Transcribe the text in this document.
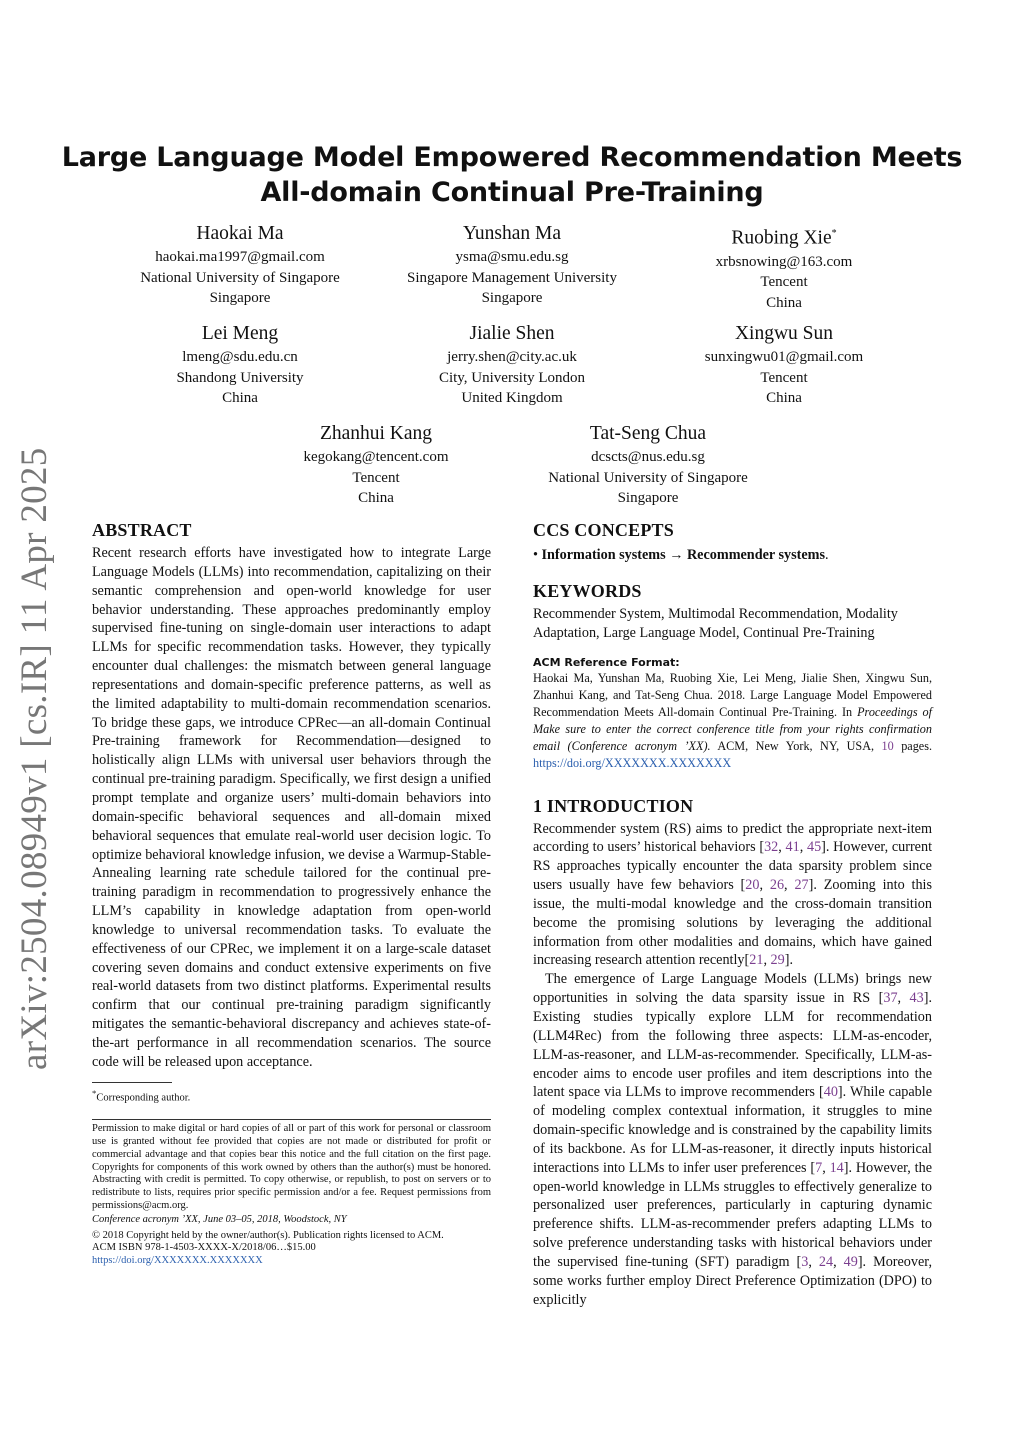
arXiv:2504.08949v1 [cs.IR] 11 Apr 2025
Large Language Model Empowered Recommendation Meets
All-domain Continual Pre-Training
Haokai Ma
haokai.ma1997@gmail.com
National University of Singapore
Singapore
Yunshan Ma
ysma@smu.edu.sg
Singapore Management University
Singapore
Ruobing Xie*
xrbsnowing@163.com
Tencent
China
Lei Meng
lmeng@sdu.edu.cn
Shandong University
China
Jialie Shen
jerry.shen@city.ac.uk
City, University London
United Kingdom
Xingwu Sun
sunxingwu01@gmail.com
Tencent
China
Zhanhui Kang
kegokang@tencent.com
Tencent
China
Tat-Seng Chua
dcscts@nus.edu.sg
National University of Singapore
Singapore
ABSTRACT
Recent research efforts have investigated how to integrate Large Language Models (LLMs) into recommendation, capitalizing on their semantic comprehension and open-world knowledge for user behavior understanding. These approaches predominantly employ supervised fine-tuning on single-domain user interactions to adapt LLMs for specific recommendation tasks. However, they typically encounter dual challenges: the mismatch between general language representations and domain-specific preference patterns, as well as the limited adaptability to multi-domain recommendation scenarios. To bridge these gaps, we introduce CPRec—an all-domain Continual Pre-training framework for Recommendation—designed to holistically align LLMs with universal user behaviors through the continual pre-training paradigm. Specifically, we first design a unified prompt template and organize users’ multi-domain behaviors into domain-specific behavioral sequences and all-domain mixed behavioral sequences that emulate real-world user decision logic. To optimize behavioral knowledge infusion, we devise a Warmup-Stable-Annealing learning rate schedule tailored for the continual pre-training paradigm in recommendation to progressively enhance the LLM’s capability in knowledge adaptation from open-world knowledge to universal recommendation tasks. To evaluate the effectiveness of our CPRec, we implement it on a large-scale dataset covering seven domains and conduct extensive experiments on five real-world datasets from two distinct platforms. Experimental results confirm that our continual pre-training paradigm significantly mitigates the semantic-behavioral discrepancy and achieves state-of-the-art performance in all recommendation scenarios. The source code will be released upon acceptance.
*Corresponding author.
Permission to make digital or hard copies of all or part of this work for personal or classroom use is granted without fee provided that copies are not made or distributed for profit or commercial advantage and that copies bear this notice and the full citation on the first page. Copyrights for components of this work owned by others than the author(s) must be honored. Abstracting with credit is permitted. To copy otherwise, or republish, to post on servers or to redistribute to lists, requires prior specific permission and/or a fee. Request permissions from permissions@acm.org.
Conference acronym ’XX, June 03–05, 2018, Woodstock, NY
© 2018 Copyright held by the owner/author(s). Publication rights licensed to ACM.
ACM ISBN 978-1-4503-XXXX-X/2018/06…$15.00
https://doi.org/XXXXXXX.XXXXXXX
CCS CONCEPTS
• Information systems → Recommender systems.
KEYWORDS
Recommender System, Multimodal Recommendation, Modality Adaptation, Large Language Model, Continual Pre-Training
ACM Reference Format:
Haokai Ma, Yunshan Ma, Ruobing Xie, Lei Meng, Jialie Shen, Xingwu Sun, Zhanhui Kang, and Tat-Seng Chua. 2018. Large Language Model Empowered Recommendation Meets All-domain Continual Pre-Training. In Proceedings of Make sure to enter the correct conference title from your rights confirmation email (Conference acronym ’XX). ACM, New York, NY, USA, 10 pages. https://doi.org/XXXXXXX.XXXXXXX
1 INTRODUCTION

Recommender system (RS) aims to predict the appropriate next-item according to users’ historical behaviors [32, 41, 45]. However, current RS approaches typically encounter the data sparsity problem since users usually have few behaviors [20, 26, 27]. Zooming into this issue, the multi-modal knowledge and the cross-domain transition become the promising solutions by leveraging the additional information from other modalities and domains, which have gained increasing research attention recently[21, 29].

The emergence of Large Language Models (LLMs) brings new opportunities in solving the data sparsity issue in RS [37, 43]. Existing studies typically explore LLM for recommendation (LLM4Rec) from the following three aspects: LLM-as-encoder, LLM-as-reasoner, and LLM-as-recommender. Specifically, LLM-as-encoder aims to encode user profiles and item descriptions into the latent space via LLMs to improve recommenders [40]. While capable of modeling complex contextual information, it struggles to mine domain-specific knowledge and is constrained by the capability limits of its backbone. As for LLM-as-reasoner, it directly inputs historical interactions into LLMs to infer user preferences [7, 14]. However, the open-world knowledge in LLMs struggles to effectively generalize to personalized user preferences, particularly in capturing dynamic preference shifts. LLM-as-recommender prefers adapting LLMs to solve preference understanding tasks with historical behaviors under the supervised fine-tuning (SFT) paradigm [3, 24, 49]. Moreover, some works further employ Direct Preference Optimization (DPO) to explicitly
